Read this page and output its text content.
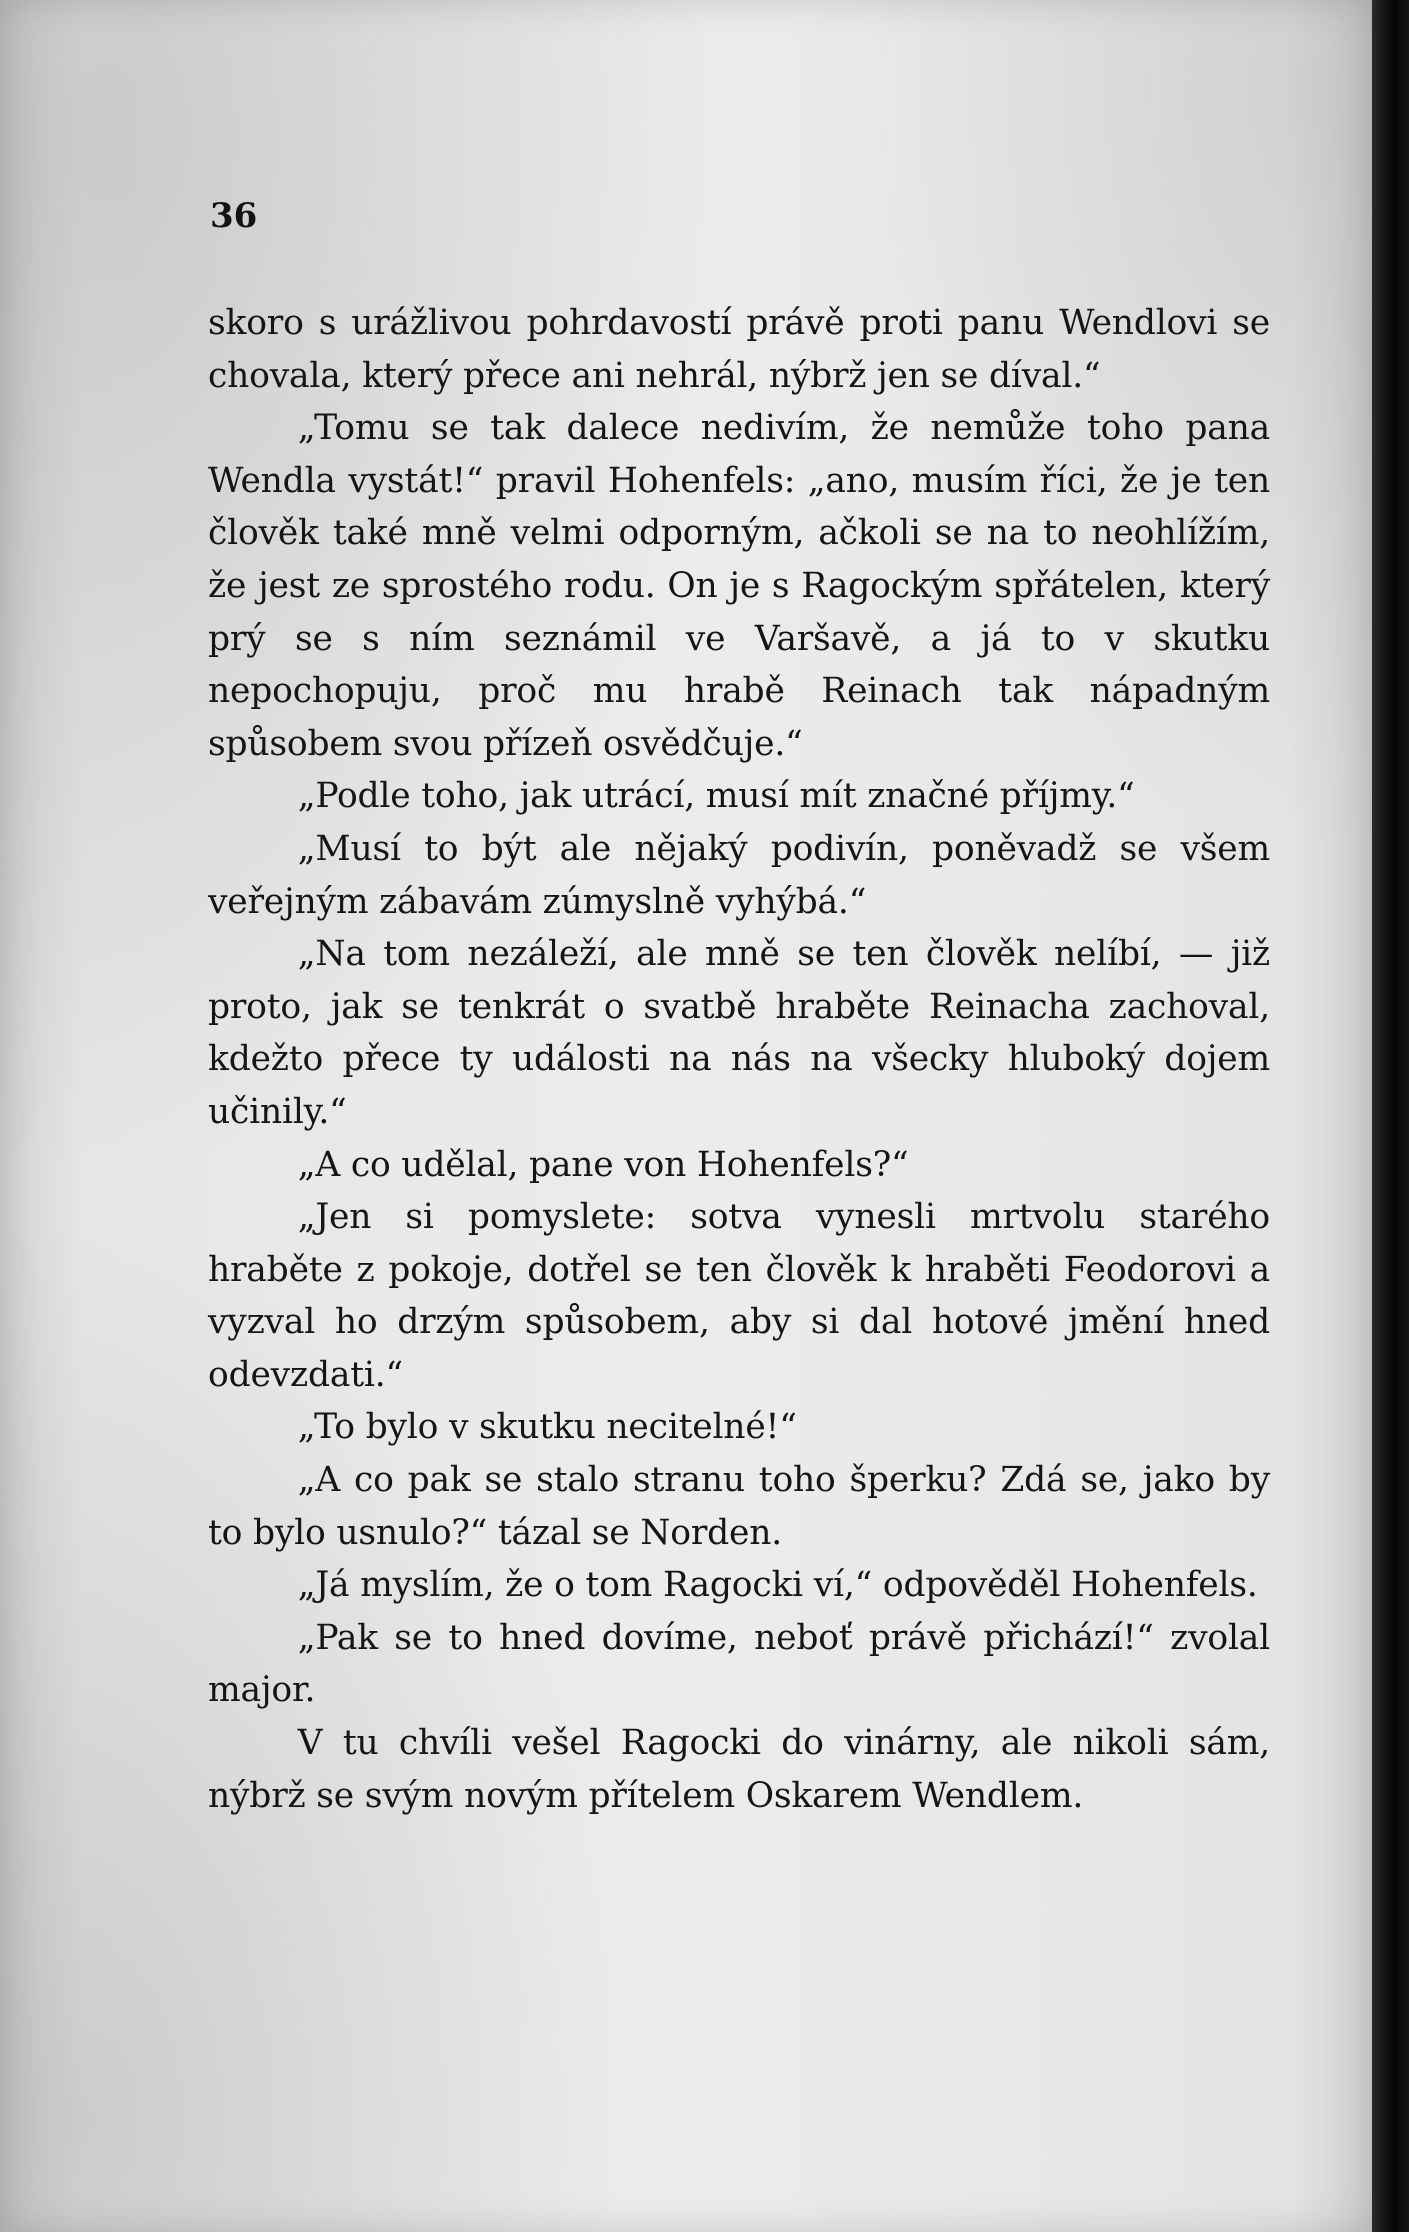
36

skoro s urážlivou pohrdavostí právě proti panu Wendlovi se chovala, který přece ani nehrál, nýbrž jen se díval.“

„Tomu se tak dalece nedivím, že nemůže toho pana Wendla vystát!“ pravil Hohenfels: „ano, musím říci, že je ten člověk také mně velmi odporným, ačkoli se na to neohlížím, že jest ze sprostého rodu. On je s Ragockým spřátelen, který prý se s ním seznámil ve Varšavě, a já to v skutku nepochopuju, proč mu hrabě Reinach tak nápadným spůsobem svou přízeň osvědčuje.“

„Podle toho, jak utrácí, musí mít značné příjmy.“

„Musí to být ale nějaký podivín, poněvadž se všem veřejným zábavám zúmyslně vyhýbá.“

„Na tom nezáleží, ale mně se ten člověk nelíbí, — již proto, jak se tenkrát o svatbě hraběte Reinacha zachoval, kdežto přece ty události na nás na všecky hluboký dojem učinily.“

„A co udělal, pane von Hohenfels?“

„Jen si pomyslete: sotva vynesli mrtvolu starého hraběte z pokoje, dotřel se ten člověk k hraběti Feodorovi a vyzval ho drzým spůsobem, aby si dal hotové jmění hned odevzdati.“

„To bylo v skutku necitelné!“

„A co pak se stalo stranu toho šperku? Zdá se, jako by to bylo usnulo?“ tázal se Norden.

„Já myslím, že o tom Ragocki ví,“ odpověděl Hohenfels.

„Pak se to hned dovíme, neboť právě přichází!“ zvolal major.

V tu chvíli vešel Ragocki do vinárny, ale nikoli sám, nýbrž se svým novým přítelem Oskarem Wendlem.
